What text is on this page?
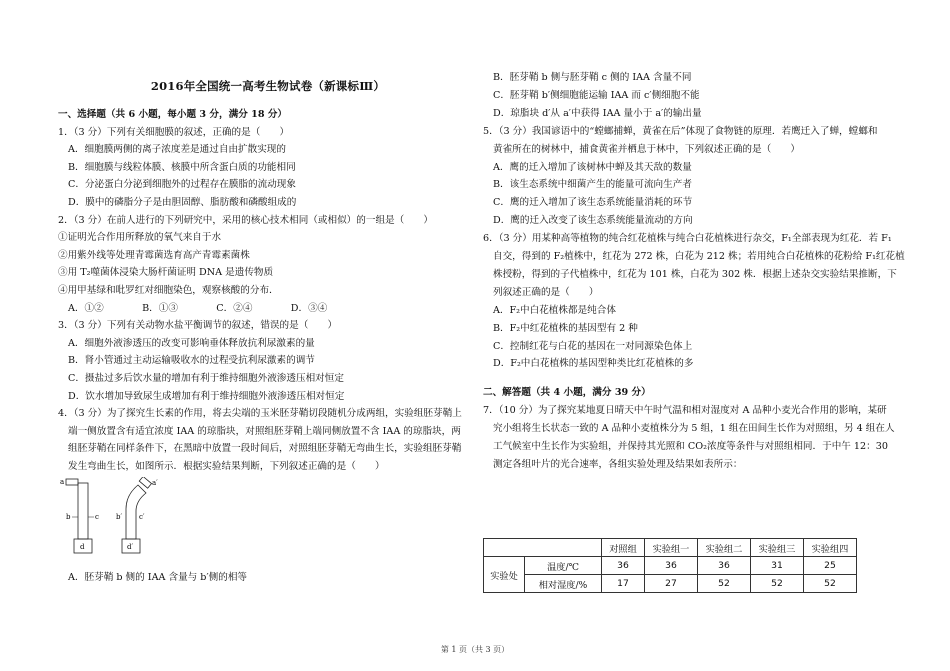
2016年全国统一高考生物试卷（新课标Ⅲ）
一、选择题（共 6 小题，每小题 3 分，满分 18 分）
1．（3 分）下列有关细胞膜的叙述，正确的是（　　）
A．细胞膜两侧的离子浓度差是通过自由扩散实现的
B．细胞膜与线粒体膜、核膜中所含蛋白质的功能相同
C．分泌蛋白分泌到细胞外的过程存在膜脂的流动现象
D．膜中的磷脂分子是由胆固醇、脂肪酸和磷酸组成的
2．（3 分）在前人进行的下列研究中，采用的核心技术相同（或相似）的一组是（　　）
①证明光合作用所释放的氧气来自于水
②用紫外线等处理青霉菌选育高产青霉素菌株
③用 T₂噬菌体浸染大肠杆菌证明 DNA 是遗传物质
④用甲基绿和吡罗红对细胞染色，观察核酸的分布．
A．①②　　　　B．①③　　　　C．②④　　　　D．③④
3．（3 分）下列有关动物水盐平衡调节的叙述，错误的是（　　）
A．细胞外液渗透压的改变可影响垂体释放抗利尿激素的量
B．肾小管通过主动运输吸收水的过程受抗利尿激素的调节
C．摄盐过多后饮水量的增加有利于维持细胞外液渗透压相对恒定
D．饮水增加导致尿生成增加有利于维持细胞外液渗透压相对恒定
4．（3 分）为了探究生长素的作用，将去尖端的玉米胚芽鞘切段随机分成两组，实验组胚芽鞘上
端一侧放置含有适宜浓度 IAA 的琼脂块，对照组胚芽鞘上端同侧放置不含 IAA 的琼脂块，两
组胚芽鞘在同样条件下，在黑暗中放置一段时间后，对照组胚芽鞘无弯曲生长，实验组胚芽鞘
发生弯曲生长，如图所示．根据实验结果判断，下列叙述正确的是（　　）
B．胚芽鞘 b 侧与胚芽鞘 c 侧的 IAA 含量不同
C．胚芽鞘 b′侧细胞能运输 IAA 而 c′侧细胞不能
D．琼脂块 d′从 a′中获得 IAA 量小于 a′的输出量
5．（3 分）我国谚语中的“螳螂捕蝉，黄雀在后”体现了食物链的原理．若鹰迁入了蝉，螳螂和
黄雀所在的树林中，捕食黄雀并栖息于林中，下列叙述正确的是（　　）
A．鹰的迁入增加了该树林中蝉及其天敌的数量
B．该生态系统中细菌产生的能量可流向生产者
C．鹰的迁入增加了该生态系统能量消耗的环节
D．鹰的迁入改变了该生态系统能量流动的方向
6．（3 分）用某种高等植物的纯合红花植株与纯合白花植株进行杂交，F₁全部表现为红花．若 F₁
自交，得到的 F₂植株中，红花为 272 株，白花为 212 株；若用纯合白花植株的花粉给 F₁红花植
株授粉，得到的子代植株中，红花为 101 株，白花为 302 株．根据上述杂交实验结果推断，下
列叙述正确的是（　　）
A．F₂中白花植株都是纯合体
B．F₂中红花植株的基因型有 2 种
C．控制红花与白花的基因在一对同源染色体上
D．F₂中白花植株的基因型种类比红花植株的多
二、解答题（共 4 小题，满分 39 分）
7．（10 分）为了探究某地夏日晴天中午时气温和相对湿度对 A 品种小麦光合作用的影响，某研
究小组将生长状态一致的 A 品种小麦植株分为 5 组，1 组在田间生长作为对照组，另 4 组在人
工气候室中生长作为实验组，并保持其光照和 CO₂浓度等条件与对照组相同．于中午 12：30
测定各组叶片的光合速率，各组实验处理及结果如表所示：
a
b	c
d
a′
b′ c′
d′
A．胚芽鞘 b 侧的 IAA 含量与 b′侧的相等
		对照组	实验组一	实验组二	实验组三	实验组四
实验处	温度/℃	36	36	36	31	25
	相对湿度/%	17	27	52	52	52
第 1 页（共 3 页）
